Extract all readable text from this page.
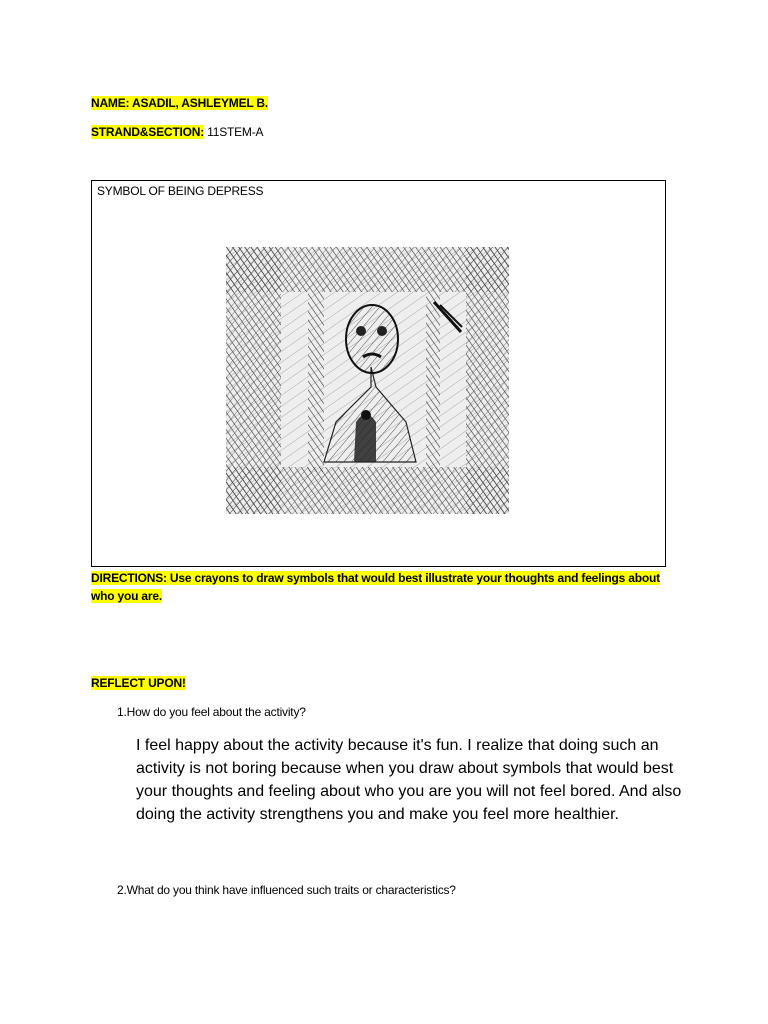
NAME: ASADIL, ASHLEYMEL B.
STRAND&SECTION: 11STEM-A
SYMBOL OF BEING DEPRESS
DIRECTIONS: Use crayons to draw symbols that would best illustrate your thoughts and feelings about
who you are.
REFLECT UPON!
1.How do you feel about the activity?
I feel happy about the activity because it's fun. I realize that doing such an activity is not boring because when you draw about symbols that would best your thoughts and feeling about who you are you will not feel bored. And also doing the activity strengthens you and make you feel more healthier.
2.What do you think have influenced such traits or characteristics?
